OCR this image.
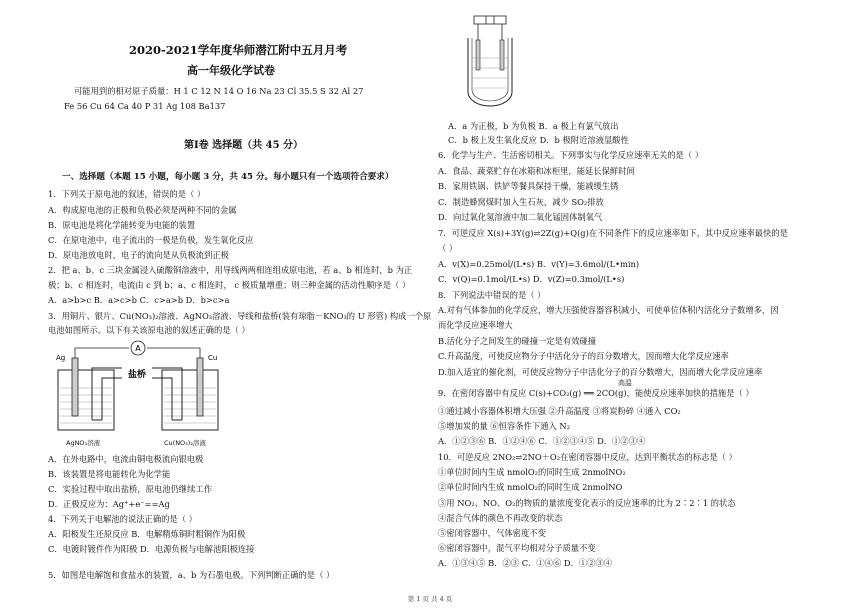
2020-2021学年度华师潜江附中五月月考
高一年级化学试卷
可能用到的相对原子质量：H 1 C 12 N 14 O 16 Na 23 Cl 35.5 S 32 Al 27
Fe 56 Cu 64 Ca 40 P 31 Ag 108 Ba137
第Ⅰ卷 选择题（共 45 分）
一、选择题（本题 15 小题，每小题 3 分，共 45 分。每小题只有一个选项符合要求）
1．下列关于原电池的叙述，错误的是（ ）
A．构成原电池的正极和负极必须是两种不同的金属
B．原电池是将化学能转变为电能的装置
C．在原电池中，电子流出的一极是负极，发生氧化反应
D．原电池放电时，电子的流向是从负极流到正极
2．把 a、b、c 三块金属浸入硫酸铜溶液中，用导线两两相连组成原电池，若 a、b 相连时，b 为正
极；b、c 相连时，电流由 c 到 b；a、c 相连时， c 极质量增重；则三种金属的活动性顺序是（ ）
A．a>b>c B．a>c>b C．c>a>b D．b>c>a
3．用铜片、银片、Cu(NO₃)₂溶液、AgNO₃溶液、导线和盐桥(装有琼脂－KNO₃的 U 形管) 构成一个原
电池如图所示。以下有关该原电池的叙述正确的是（ ）
A
盐桥
Ag	Cu
AgNO₃溶液	Cu(NO₃)₂溶液
A．在外电路中，电流由铜电极流向银电极
B．该装置是将电能转化为化学能
C．实验过程中取出盐桥，原电池仍继续工作
D．正极反应为：Ag⁺+e⁻==Ag
4．下列关于电解池的说法正确的是（ ）
A．阳极发生还原反应 B．电解精炼铜时粗铜作为阳极
C．电镀时镀件作为阳极 D．电源负极与电解池阳极连接
5．如图是电解饱和食盐水的装置，a、b 为石墨电极。下列判断正确的是（ ）
A．a 为正极，b 为负极 B．a 极上有氯气放出
C．b 极上发生氧化反应 D．b 极附近溶液显酸性
6．化学与生产、生活密切相关。下列事实与化学反应速率无关的是（ ）
A．食品、蔬菜贮存在冰箱和冰柜里，能延长保鲜时间
B．家用铁锅、铁铲等餐具保持干燥，能减缓生锈
C．制造蜂窝煤时加入生石灰，减少 SO₂排放
D．向过氧化氢溶液中加二氧化锰固体制氧气
7．可逆反应 X(s)+3Y(g)⇌2Z(g)+Q(g)在不同条件下的反应速率如下，其中反应速率最快的是
（ ）
A．v(X)=0.25mol/(L•s) B．v(Y)=3.6mol/(L•min)
C．v(Q)=0.1mol/(L•s) D．v(Z)=0.3mol/(L•s)
8．下列说法中错误的是（ ）
A.对有气体参加的化学反应，增大压强使容器容积减小，可使单位体积内活化分子数增多，因
而化学反应速率增大
B.活化分子之间发生的碰撞一定是有效碰撞
C.升高温度，可使反应物分子中活化分子的百分数增大，因而增大化学反应速率
D.加入适宜的催化剂，可使反应物分子中活化分子的百分数增大，因而增大化学反应速率
高温
9．在密闭容器中有反应 C(s)+CO₂(g) ══ 2CO(g)，能使反应速率加快的措施是（ ）
①通过减小容器体积增大压强 ②升高温度 ③将炭粉碎 ④通入 CO₂
⑤增加炭的量 ⑥恒容条件下通入 N₂
A．①②③⑥ B．①②④⑥ C．①②③④⑤ D．①②③④
10．可逆反应 2NO₂⇌2NO＋O₂在密闭容器中反应，达到平衡状态的标志是（ ）
①单位时间内生成 nmolO₂的同时生成 2nmolNO₂
②单位时间内生成 nmolO₂的同时生成 2nmolNO
③用 NO₂、NO、O₂的物质的量浓度变化表示的反应速率的比为 2∶2∶1 的状态
④混合气体的颜色不再改变的状态
⑤密闭容器中，气体密度不变
⑥密闭容器中，混气平均相对分子质量不变
A．①③④⑤ B．②③ C．①④⑥ D．①②③④
第 1 页 共 4 页
